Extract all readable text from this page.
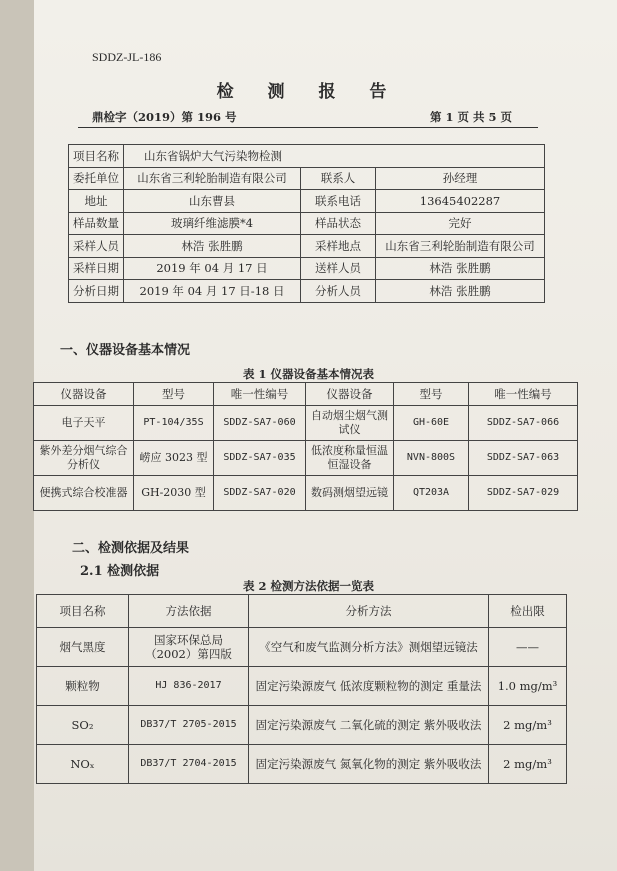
SDDZ-JL-186
检 测 报 告
鼎检字（2019）第 196 号	第 1 页 共 5 页
项目名称	山东省锅炉大气污染物检测		
委托单位	山东省三利轮胎制造有限公司	联系人	孙经理
地址	山东曹县	联系电话	13645402287
样品数量	玻璃纤维滤膜*4	样品状态	完好
采样人员	林浩 张胜鹏	采样地点	山东省三利轮胎制造有限公司
采样日期	2019 年 04 月 17 日	送样人员	林浩 张胜鹏
分析日期	2019 年 04 月 17 日-18 日	分析人员	林浩 张胜鹏
一、仪器设备基本情况
表 1 仪器设备基本情况表
仪器设备	型号	唯一性编号	仪器设备	型号	唯一性编号
电子天平	PT-104/35S	SDDZ-SA7-060	自动烟尘烟气测试仪	GH-60E	SDDZ-SA7-066
紫外差分烟气综合分析仪	崂应 3023 型	SDDZ-SA7-035	低浓度称量恒温恒湿设备	NVN-800S	SDDZ-SA7-063
便携式综合校准器	GH-2030 型	SDDZ-SA7-020	数码测烟望远镜	QT203A	SDDZ-SA7-029
二、检测依据及结果
2.1 检测依据
表 2 检测方法依据一览表
项目名称	方法依据	分析方法	检出限
烟气黑度	国家环保总局（2002）第四版	《空气和废气监测分析方法》测烟望远镜法	——
颗粒物	HJ 836-2017	固定污染源废气 低浓度颗粒物的测定 重量法	1.0 mg/m³
SO₂	DB37/T 2705-2015	固定污染源废气 二氧化硫的测定 紫外吸收法	2 mg/m³
NOₓ	DB37/T 2704-2015	固定污染源废气 氮氧化物的测定 紫外吸收法	2 mg/m³
